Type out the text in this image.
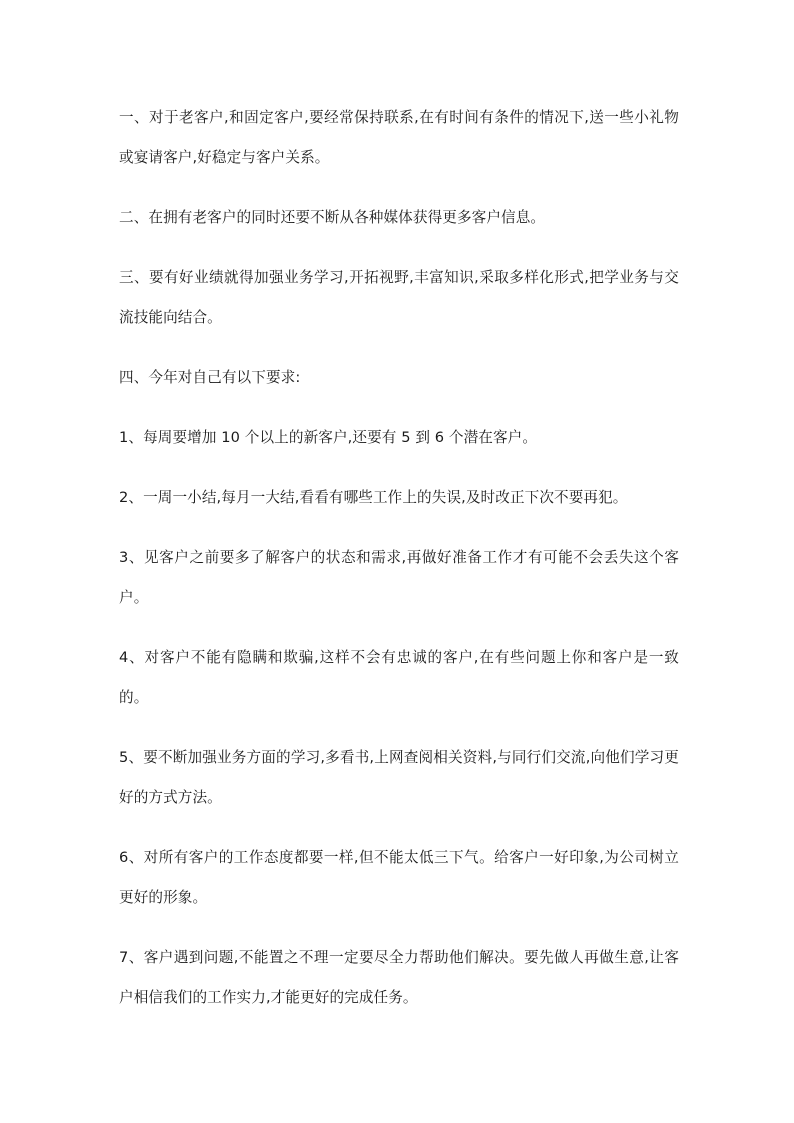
一、对于老客户,和固定客户,要经常保持联系,在有时间有条件的情况下,送一些小礼物或宴请客户,好稳定与客户关系。

二、在拥有老客户的同时还要不断从各种媒体获得更多客户信息。

三、要有好业绩就得加强业务学习,开拓视野,丰富知识,采取多样化形式,把学业务与交流技能向结合。

四、今年对自己有以下要求:

1、每周要增加 10 个以上的新客户,还要有 5 到 6 个潜在客户。

2、一周一小结,每月一大结,看看有哪些工作上的失误,及时改正下次不要再犯。

3、见客户之前要多了解客户的状态和需求,再做好准备工作才有可能不会丢失这个客户。

4、对客户不能有隐瞒和欺骗,这样不会有忠诚的客户,在有些问题上你和客户是一致的。

5、要不断加强业务方面的学习,多看书,上网查阅相关资料,与同行们交流,向他们学习更好的方式方法。

6、对所有客户的工作态度都要一样,但不能太低三下气。给客户一好印象,为公司树立更好的形象。

7、客户遇到问题,不能置之不理一定要尽全力帮助他们解决。要先做人再做生意,让客户相信我们的工作实力,才能更好的完成任务。
